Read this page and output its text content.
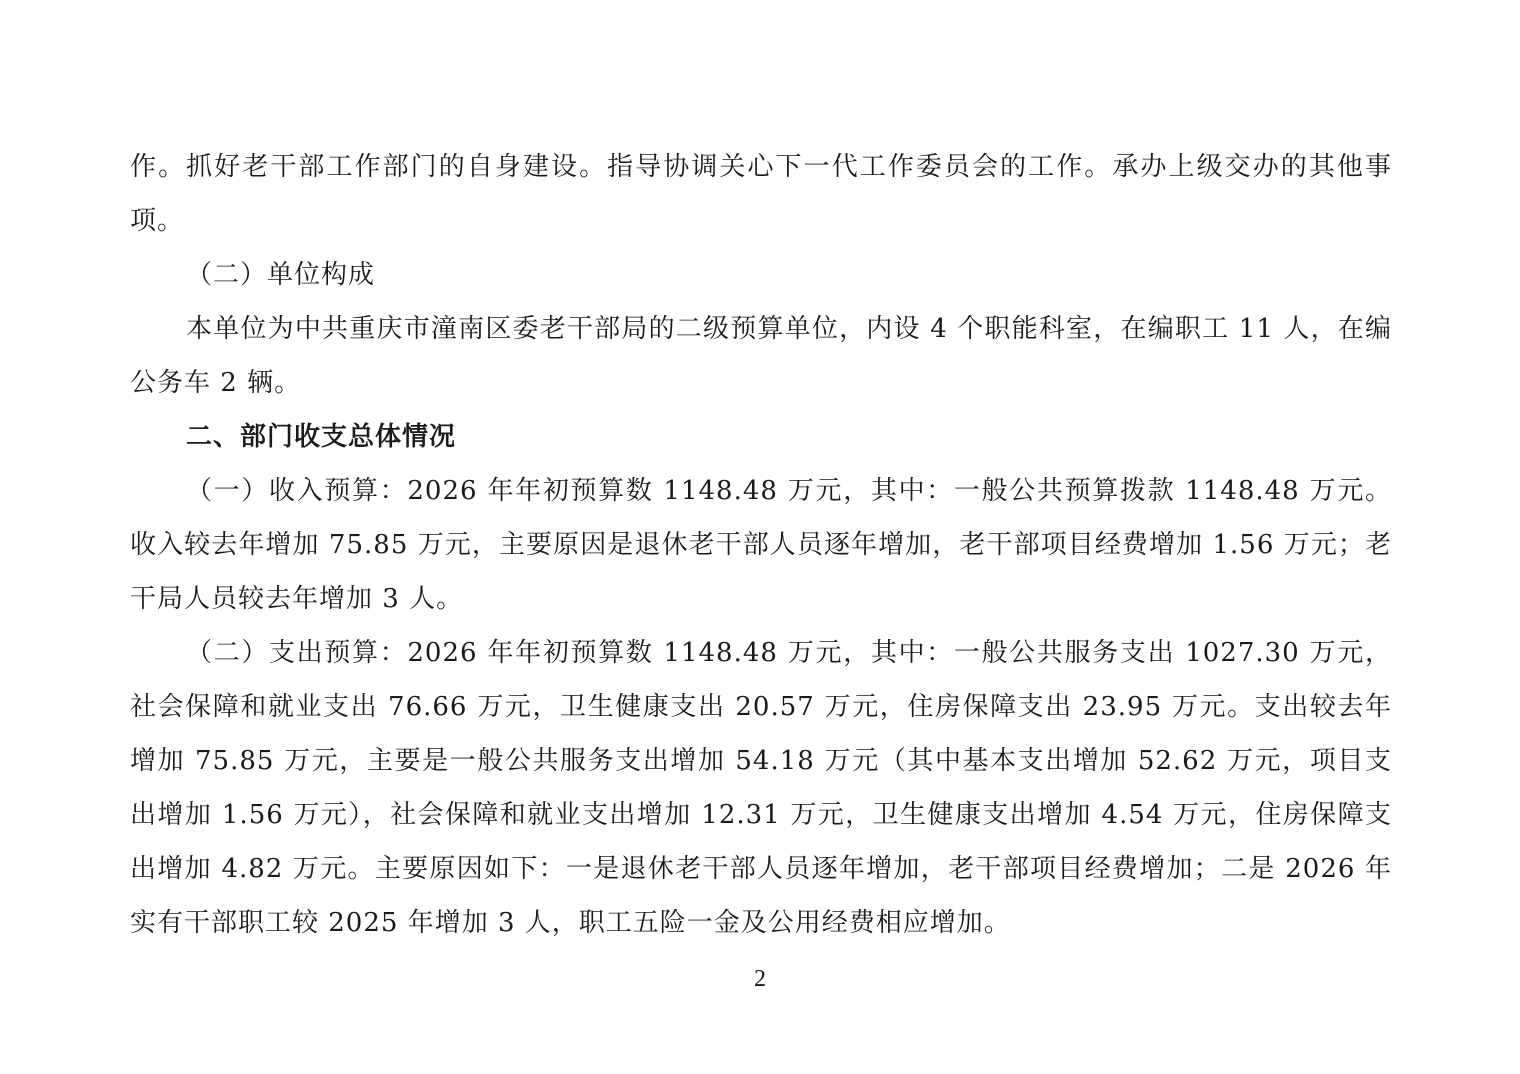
作。抓好老干部工作部门的自身建设。指导协调关心下一代工作委员会的工作。承办上级交办的其他事项。

（二）单位构成

本单位为中共重庆市潼南区委老干部局的二级预算单位，内设 4 个职能科室，在编职工 11 人，在编公务车 2 辆。

二、部门收支总体情况

（一）收入预算：2026 年年初预算数 1148.48 万元，其中：一般公共预算拨款 1148.48 万元。收入较去年增加 75.85 万元，主要原因是退休老干部人员逐年增加，老干部项目经费增加 1.56 万元；老干局人员较去年增加 3 人。

（二）支出预算：2026 年年初预算数 1148.48 万元，其中：一般公共服务支出 1027.30 万元，社会保障和就业支出 76.66 万元，卫生健康支出 20.57 万元，住房保障支出 23.95 万元。支出较去年增加 75.85 万元，主要是一般公共服务支出增加 54.18 万元（其中基本支出增加 52.62 万元，项目支出增加 1.56 万元），社会保障和就业支出增加 12.31 万元，卫生健康支出增加 4.54 万元，住房保障支出增加 4.82 万元。主要原因如下：一是退休老干部人员逐年增加，老干部项目经费增加；二是 2026 年实有干部职工较 2025 年增加 3 人，职工五险一金及公用经费相应增加。

2
